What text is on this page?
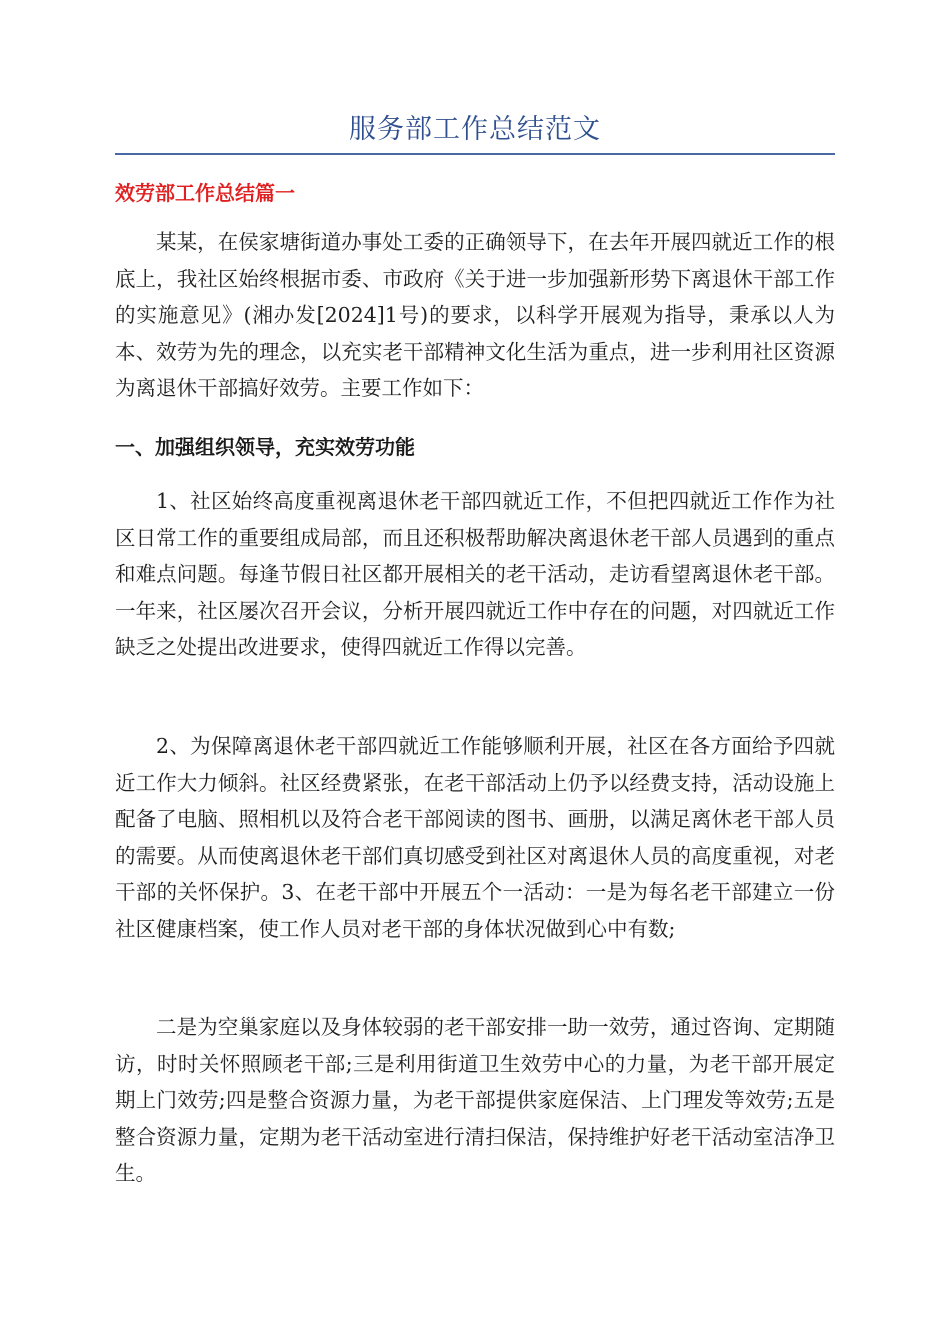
服务部工作总结范文
效劳部工作总结篇一

某某，在侯家塘街道办事处工委的正确领导下，在去年开展四就近工作的根底上，我社区始终根据市委、市政府《关于进一步加强新形势下离退休干部工作的实施意见》(湘办发[2024]1号)的要求，以科学开展观为指导，秉承以人为本、效劳为先的理念，以充实老干部精神文化生活为重点，进一步利用社区资源为离退休干部搞好效劳。主要工作如下：

一、加强组织领导，充实效劳功能

1、社区始终高度重视离退休老干部四就近工作，不但把四就近工作作为社区日常工作的重要组成局部，而且还积极帮助解决离退休老干部人员遇到的重点和难点问题。每逢节假日社区都开展相关的老干活动，走访看望离退休老干部。一年来，社区屡次召开会议，分析开展四就近工作中存在的问题，对四就近工作缺乏之处提出改进要求，使得四就近工作得以完善。

2、为保障离退休老干部四就近工作能够顺利开展，社区在各方面给予四就近工作大力倾斜。社区经费紧张，在老干部活动上仍予以经费支持，活动设施上配备了电脑、照相机以及符合老干部阅读的图书、画册，以满足离休老干部人员的需要。从而使离退休老干部们真切感受到社区对离退休人员的高度重视，对老干部的关怀保护。3、在老干部中开展五个一活动：一是为每名老干部建立一份社区健康档案，使工作人员对老干部的身体状况做到心中有数;

二是为空巢家庭以及身体较弱的老干部安排一助一效劳，通过咨询、定期随访，时时关怀照顾老干部;三是利用街道卫生效劳中心的力量，为老干部开展定期上门效劳;四是整合资源力量，为老干部提供家庭保洁、上门理发等效劳;五是整合资源力量，定期为老干活动室进行清扫保洁，保持维护好老干活动室洁净卫生。
